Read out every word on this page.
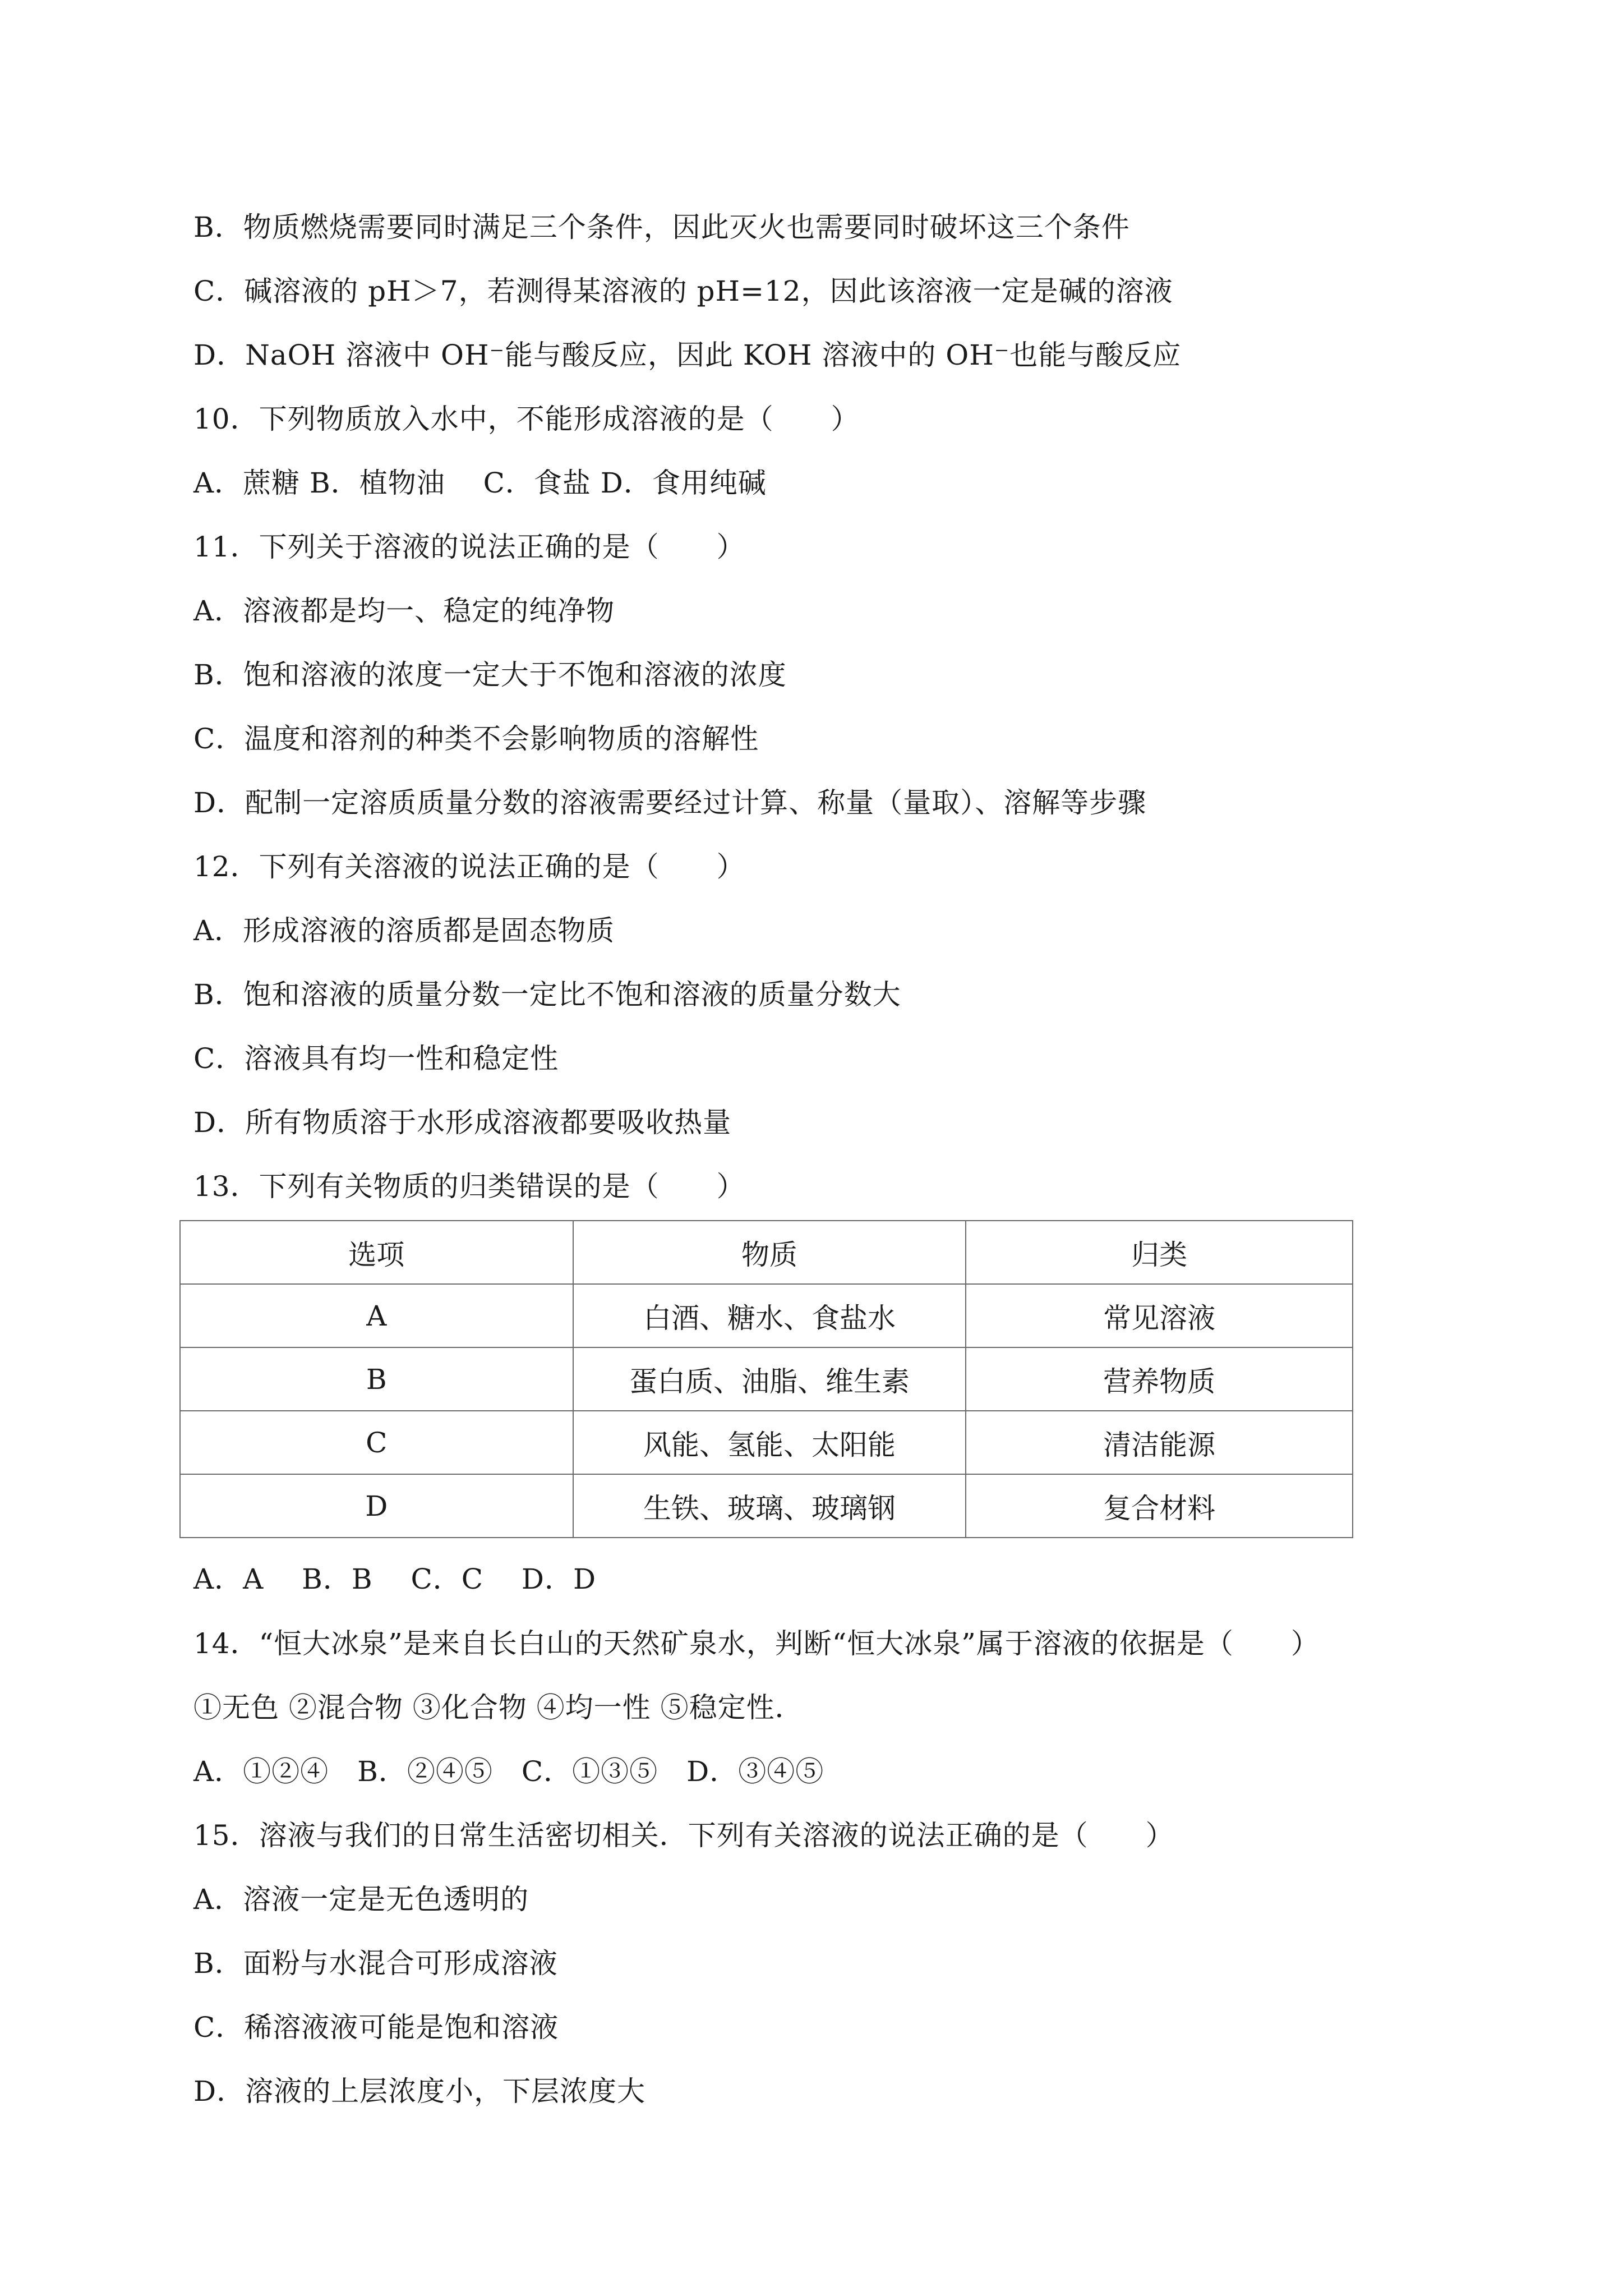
B．物质燃烧需要同时满足三个条件，因此灭火也需要同时破坏这三个条件
C．碱溶液的 pH＞7，若测得某溶液的 pH=12，因此该溶液一定是碱的溶液
D．NaOH 溶液中 OH⁻能与酸反应，因此 KOH 溶液中的 OH⁻也能与酸反应
10．下列物质放入水中，不能形成溶液的是（　　）
A．蔗糖 B．植物油　 C．食盐 D．食用纯碱
11．下列关于溶液的说法正确的是（　　）
A．溶液都是均一、稳定的纯净物
B．饱和溶液的浓度一定大于不饱和溶液的浓度
C．温度和溶剂的种类不会影响物质的溶解性
D．配制一定溶质质量分数的溶液需要经过计算、称量（量取）、溶解等步骤
12．下列有关溶液的说法正确的是（　　）
A．形成溶液的溶质都是固态物质
B．饱和溶液的质量分数一定比不饱和溶液的质量分数大
C．溶液具有均一性和稳定性
D．所有物质溶于水形成溶液都要吸收热量
13．下列有关物质的归类错误的是（　　）
选项	物质	归类
A	白酒、糖水、食盐水	常见溶液
B	蛋白质、油脂、维生素	营养物质
C	风能、氢能、太阳能	清洁能源
D	生铁、玻璃、玻璃钢	复合材料
A．A　 B．B　 C．C　 D．D
14．“恒大冰泉”是来自长白山的天然矿泉水，判断“恒大冰泉”属于溶液的依据是（　　）
①无色 ②混合物 ③化合物 ④均一性 ⑤稳定性．
A．①②④　B．②④⑤　C．①③⑤　D．③④⑤
15．溶液与我们的日常生活密切相关．下列有关溶液的说法正确的是（　　）
A．溶液一定是无色透明的
B．面粉与水混合可形成溶液
C．稀溶液液可能是饱和溶液
D．溶液的上层浓度小，下层浓度大
